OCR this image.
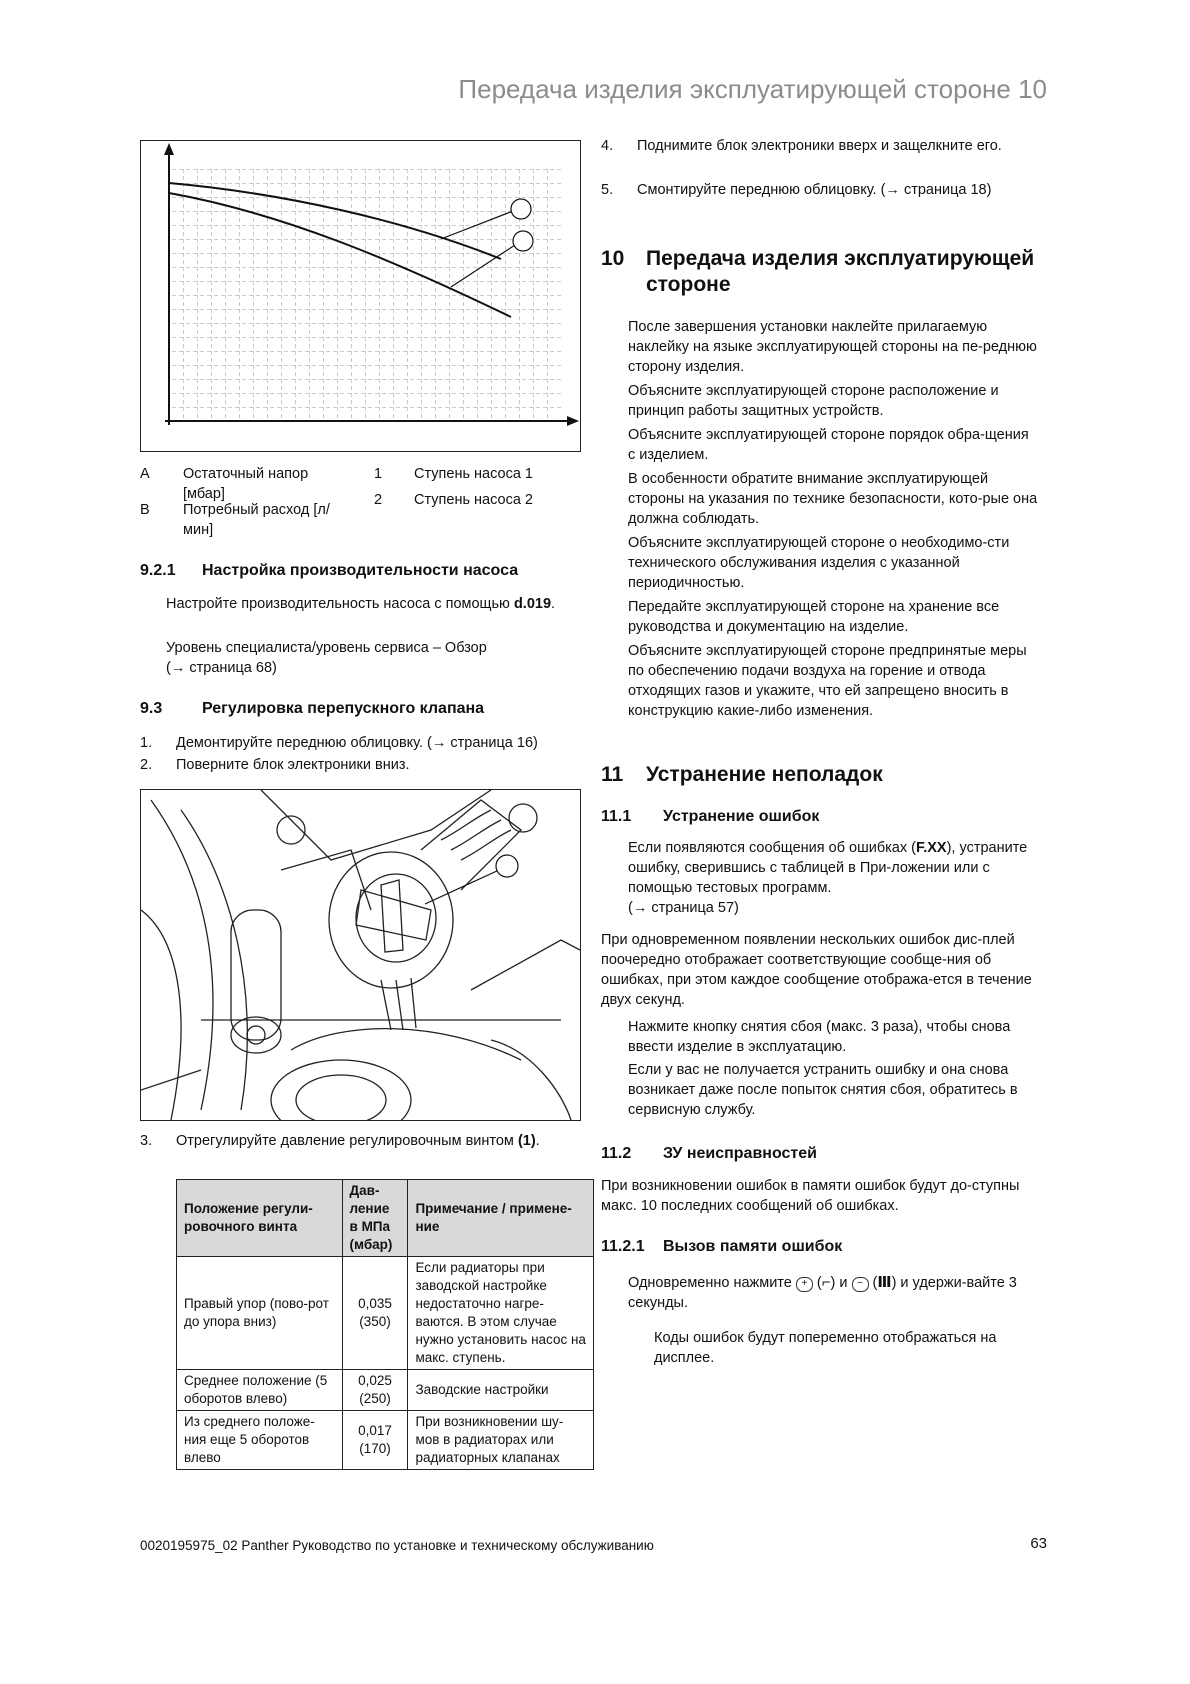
Передача изделия эксплуатирующей стороне 10
A	Остаточный напор [мбар]
B	Потребный расход [л/мин]
1	Ступень насоса 1
2	Ступень насоса 2
9.2.1 Настройка производительности насоса

Настройте производительность насоса с помощью d.019.

Уровень специалиста/уровень сервиса – Обзор
(→ страница 68)

9.3 Регулировка перепускного клапана
1. Демонтируйте переднюю облицовку. (→ страница 16)
2. Поверните блок электроники вниз.
3. Отрегулируйте давление регулировочным винтом (1).
Положение регули-ровочного винта	Дав-ление в МПа (мбар)	Примечание / примене-ние
Правый упор (пово-рот до упора вниз)	0,035 (350)	Если радиаторы при заводской настройке недостаточно нагре-ваются. В этом случае нужно установить насос на макс. ступень.
Среднее положение (5 оборотов влево)	0,025 (250)	Заводские настройки
Из среднего положе-ния еще 5 оборотов влево	0,017 (170)	При возникновении шу-мов в радиаторах или радиаторных клапанах
4. Поднимите блок электроники вверх и защелкните его.
5. Смонтируйте переднюю облицовку. (→ страница 18)
10 Передача изделия эксплуатирующей
стороне

После завершения установки наклейте прилагаемую наклейку на языке эксплуатирующей стороны на пе-реднюю сторону изделия.

Объясните эксплуатирующей стороне расположение и принцип работы защитных устройств.

Объясните эксплуатирующей стороне порядок обра-щения с изделием.

В особенности обратите внимание эксплуатирующей стороны на указания по технике безопасности, кото-рые она должна соблюдать.

Объясните эксплуатирующей стороне о необходимо-сти технического обслуживания изделия с указанной периодичностью.

Передайте эксплуатирующей стороне на хранение все руководства и документацию на изделие.

Объясните эксплуатирующей стороне предпринятые меры по обеспечению подачи воздуха на горение и отвода отходящих газов и укажите, что ей запрещено вносить в конструкцию какие-либо изменения.

11 Устранение неполадок
11.1 Устранение ошибок

Если появляются сообщения об ошибках (F.XX), устраните ошибку, сверившись с таблицей в При-ложении или с помощью тестовых программ.
(→ страница 57)

При одновременном появлении нескольких ошибок дис-плей поочередно отображает соответствующие сообще-ния об ошибках, при этом каждое сообщение отобража-ется в течение двух секунд.

Нажмите кнопку снятия сбоя (макс. 3 раза), чтобы снова ввести изделие в эксплуатацию.

Если у вас не получается устранить ошибку и она снова возникает даже после попыток снятия сбоя, обратитесь в сервисную службу.

11.2 ЗУ неисправностей

При возникновении ошибок в памяти ошибок будут до-ступны макс. 10 последних сообщений об ошибках.

11.2.1 Вызов памяти ошибок

Одновременно нажмите + (⌐) и − (Ⅲ) и удержи-вайте 3 секунды.

Коды ошибок будут попеременно отображаться на дисплее.

0020195975_02 Panther Руководство по установке и техническому обслуживанию	63
